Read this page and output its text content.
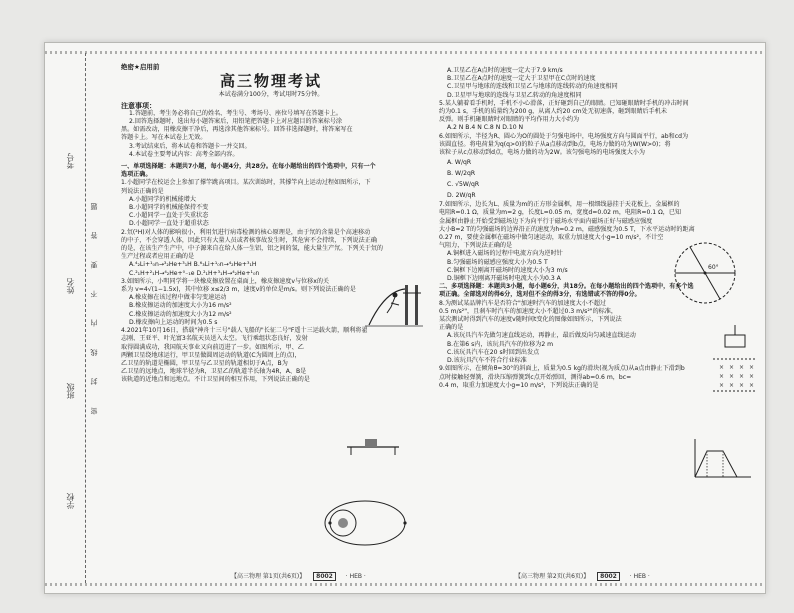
考号
姓名
班级
学校
密 封 线 内 不 要 答 题

绝密★启用前

高三物理考试

本试卷满分100分，考试用时75分钟。

注意事项：

1.答题前，考生务必将自己的姓名、考生号、考场号、座位号填写在答题卡上。

2.回答选择题时，选出每小题答案后，用铅笔把答题卡上对应题目的答案标号涂

黑。如需改动，用橡皮擦干净后，再选涂其他答案标号。回答非选择题时，将答案写在

答题卡上。写在本试卷上无效。

3.考试结束后，将本试卷和答题卡一并交回。

4.本试卷主要考试内容：高考全部内容。

一、单项选择题：本题共7小题，每小题4分，共28分。在每小题给出的四个选项中，只有一个

选项正确。

1.小超同学在校运会上参加了撑竿跳高项目。某次训练时，其撑竿向上运动过程如图所示，下

列说法正确的是

A.小超同学的机械能增大

B.小超同学的机械能保持不变

C.小超同学一直处于失重状态

D.小超同学一直处于超重状态

2.氘(²H)对人体的影响很小，利用氘进行病毒检测的核心原理是，由于氘的含量是个高速移动

的中子，不会穿透人体，因此只有大量人员或者核事故发生时，其危害不会持续，下列说法正确

的是，在该生产生产中，中子源来自在给人体一生铝，铝之间的氢，能大量生产氘。下列关于氘的

生产过程或者应用正确的是

A.⁴₂Li+¹₀n→³₂He+³₁H B.⁶₃Li+¹₀n→⁴₂He+³₁H

C.²₁H+²₁H→⁴₂He+⁰₋₁e D.²₁H+³₁H→⁴₂He+¹₀n

3.如图所示，小明同学将一块橡皮擦放置在桌面上，橡皮擦速度v与位移x的关

系为 v=4√(1−1.5x)，其中位移 x≤2/3 m，速度v的单位是m/s。则下列说法正确的是

A.橡皮擦在该过程中做非匀变速运动

B.橡皮擦运动的加速度大小为16 m/s²

C.橡皮擦运动的加速度大小为12 m/s²

D.橡皮擦向上运动的时间为0.5 s

4.2021年10月16日，搭载"神舟十三号"载人飞船的"长征二号"F遥十三运载火箭，顺利将翟

志刚、王亚平、叶光富3名航天员送入太空。飞行乘组状态良好，发射

取得圆满成功，我国航天事业又向前迈进了一步。如图所示，甲、乙

两颗卫星绕地球运行，甲卫星做圆周运动的轨道(C为圆周上的点)，

乙卫星的轨道是椭圆，甲卫星与乙卫星的轨道相切于A点，B为

乙卫星的远地点，地球半径为R，卫星乙的轨道半长轴为4R，A、B是

该轨道的近地点和远地点。不计卫星间的相互作用，下列说法正确的是

【高三物理 第1页(共6页)】 8002 · HEB ·

A.卫星乙在A点时的速度一定大于7.9 km/s

B.卫星乙在A点时的速度一定大于卫星甲在C点时的速度

C.卫星甲与地球的连线和卫星乙与地球的连线转动的角速度相同

D.卫星甲与地球的连线与卫星乙转动的角速度相同

5.某人躺着看手机时，手机不小心滑落，正好砸到自己的眼睛。已知砸眼睛时手机的冲击时间

约为0.1 s，手机的质量约为200 g，从离人约20 cm处无初速落，砸到眼睛后手机未

反弹。则手机砸眼睛时对眼睛的平均作用力大小约为

A.2 N B.4 N C.8 N D.10 N

6.如图所示，半径为R、圆心为O的圆处于匀强电场中，电场强度方向与圆面平行，ab和cd为

该圆直径。将电荷量为q(q>0)的粒子从a点移动到b点，电场力做的功为W(W>0)；将

该粒子从c点移动到d点，电场力做的功为2W。该匀强电场的电场强度大小为

A. W/qR

B. W/2qR

C. √5W/qR

D. 2W/qR

7.如图所示，边长为L、质量为m的正方形金属框，用一根细线悬挂于天花板上，金属框的

电阻R=0.1 Ω，质量为m=2 g，长度L=0.05 m，宽度d=0.02 m，电阻R=0.1 Ω，已知

金属框由静止开始受到磁场边下为向平行于磁场水平面内磁场正好与磁感应强度

大小B=2 T的匀强磁场的边界沿正的速度为h=0.2 m，磁感强度为0.5 T，下水平运动时的距离

0.27 m，要使金属框在磁场中做匀速运动，取重力加速度大小g=10 m/s²，不计空

气阻力，下列说法正确的是

A.铜框进入磁场的过程中电流方向为逆时针

B.匀强磁场的磁感应强度大小为0.5 T

C.铜框下边刚离开磁场时的速度大小为3 m/s

D.铜框下边刚离开磁场时电流大小为0.3 A

二、多项选择题：本题共3小题，每小题6分，共18分。在每小题给出的四个选项中，有多个选

项正确。全部选对的得6分，选对但不全的得3分，有选错或不答的得0分。

8.为测试某品牌汽车是否符合"加速时汽车的加速度大小不超过

0.5 m/s²"，且刹车时汽车的加速度大小不超过0.3 m/s²"的标准，

某次测试时得到汽车的速度v随时间t变化的图像如图所示，下列说法

正确的是

A.该玩具汽车先做匀速直线运动，再静止，最后做反向匀减速直线运动

B.在第6 s内，该玩具汽车的位移为2 m

C.该玩具汽车在20 s时回到出发点

D.该玩具汽车不符合行业标准

9.如图所示，在倾角θ=30°的斜面上，质量为0.5 kg的滑块(视为质点)从a点由静止下滑到b

点时接触轻弹簧，滑块压缩弹簧到c点开始弹回，测得ab=0.6 m，bc=

0.4 m，取重力加速度大小g=10 m/s²，下列说法正确的是

60°
× × × ×
× × × ×
× × × ×
【高三物理 第2页(共6页)】 8002 · HEB ·
